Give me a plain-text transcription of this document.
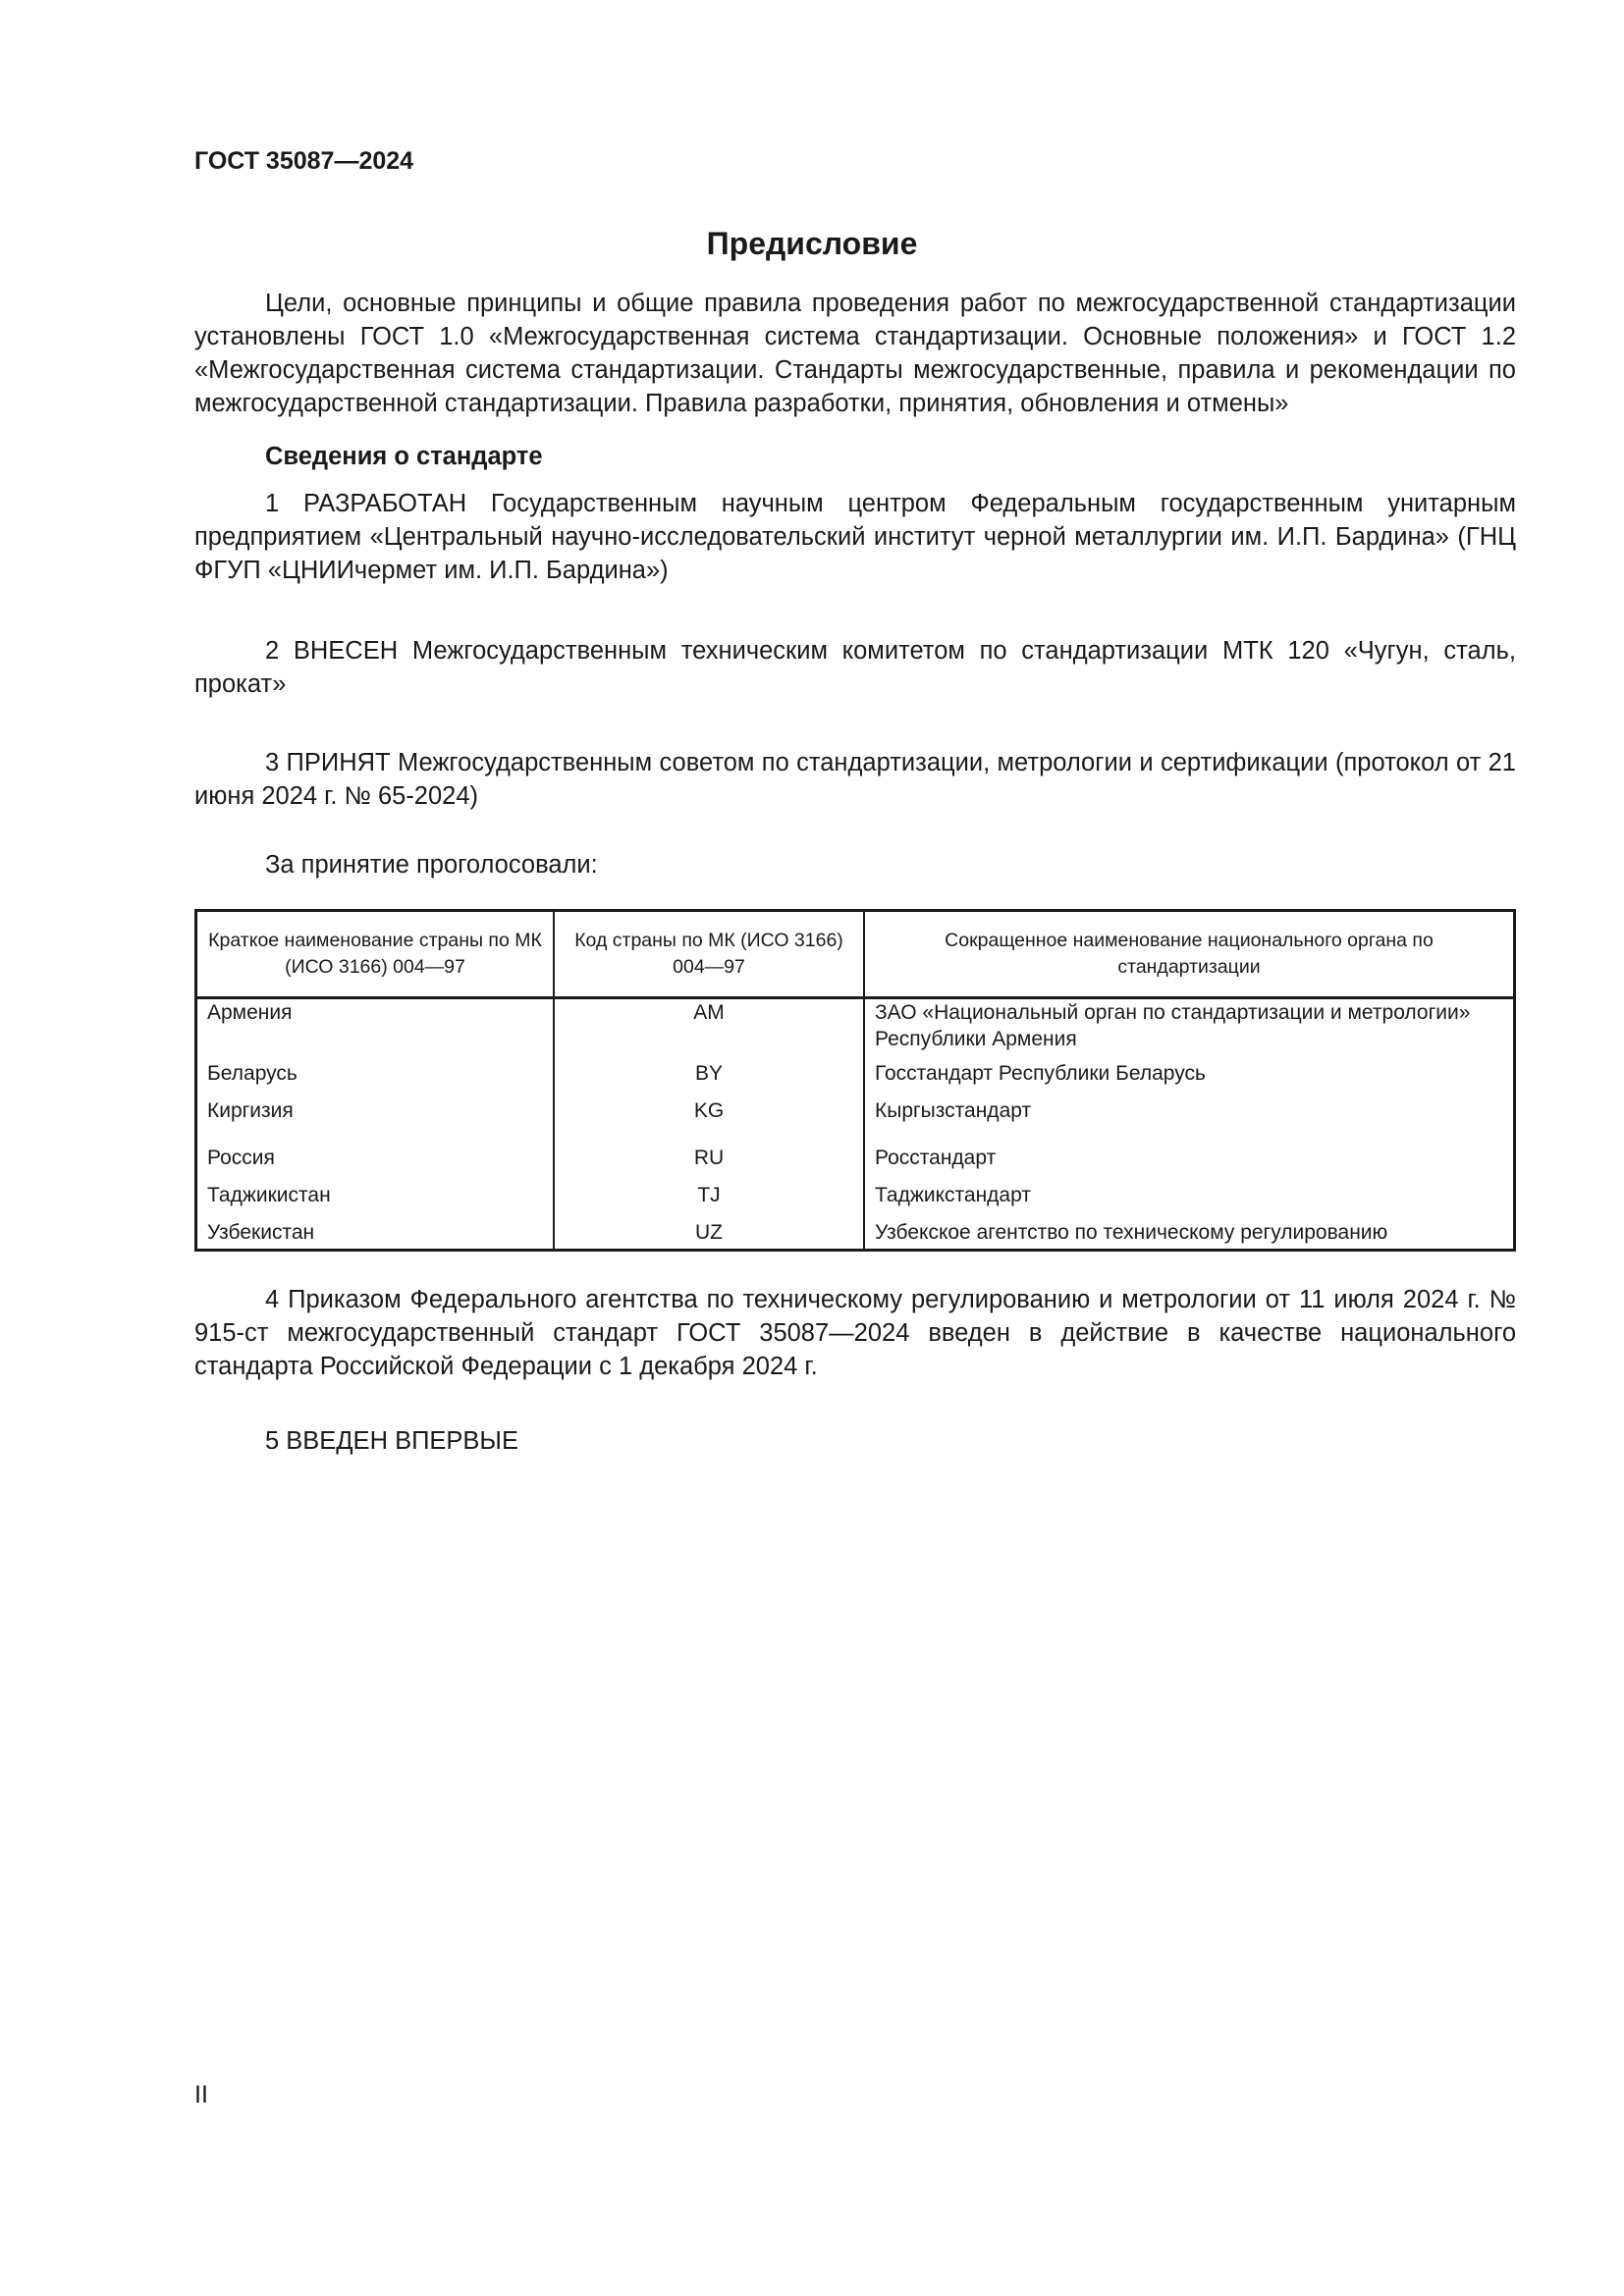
ГОСТ 35087—2024
Предисловие

Цели, основные принципы и общие правила проведения работ по межгосударственной стандартизации установлены ГОСТ 1.0 «Межгосударственная система стандартизации. Основные положения» и ГОСТ 1.2 «Межгосударственная система стандартизации. Стандарты межгосударственные, правила и рекомендации по межгосударственной стандартизации. Правила разработки, принятия, обновления и отмены»

Сведения о стандарте

1 РАЗРАБОТАН Государственным научным центром Федеральным государственным унитарным предприятием «Центральный научно-исследовательский институт черной металлургии им. И.П. Бардина» (ГНЦ ФГУП «ЦНИИчермет им. И.П. Бардина»)

2 ВНЕСЕН Межгосударственным техническим комитетом по стандартизации МТК 120 «Чугун, сталь, прокат»

3 ПРИНЯТ Межгосударственным советом по стандартизации, метрологии и сертификации (протокол от 21 июня 2024 г. № 65-2024)

За принятие проголосовали:

Краткое наименование страны по МК (ИСО 3166) 004—97	Код страны по МК (ИСО 3166) 004—97	Сокращенное наименование национального органа по стандартизации
Армения	AM	ЗАО «Национальный орган по стандартизации и метрологии» Республики Армения
Беларусь	BY	Госстандарт Республики Беларусь
Киргизия	KG	Кыргызстандарт
Россия	RU	Росстандарт
Таджикистан	TJ	Таджикстандарт
Узбекистан	UZ	Узбекское агентство по техническому регулированию

4 Приказом Федерального агентства по техническому регулированию и метрологии от 11 июля 2024 г. № 915-ст межгосударственный стандарт ГОСТ 35087—2024 введен в действие в качестве национального стандарта Российской Федерации с 1 декабря 2024 г.

5 ВВЕДЕН ВПЕРВЫЕ

II
